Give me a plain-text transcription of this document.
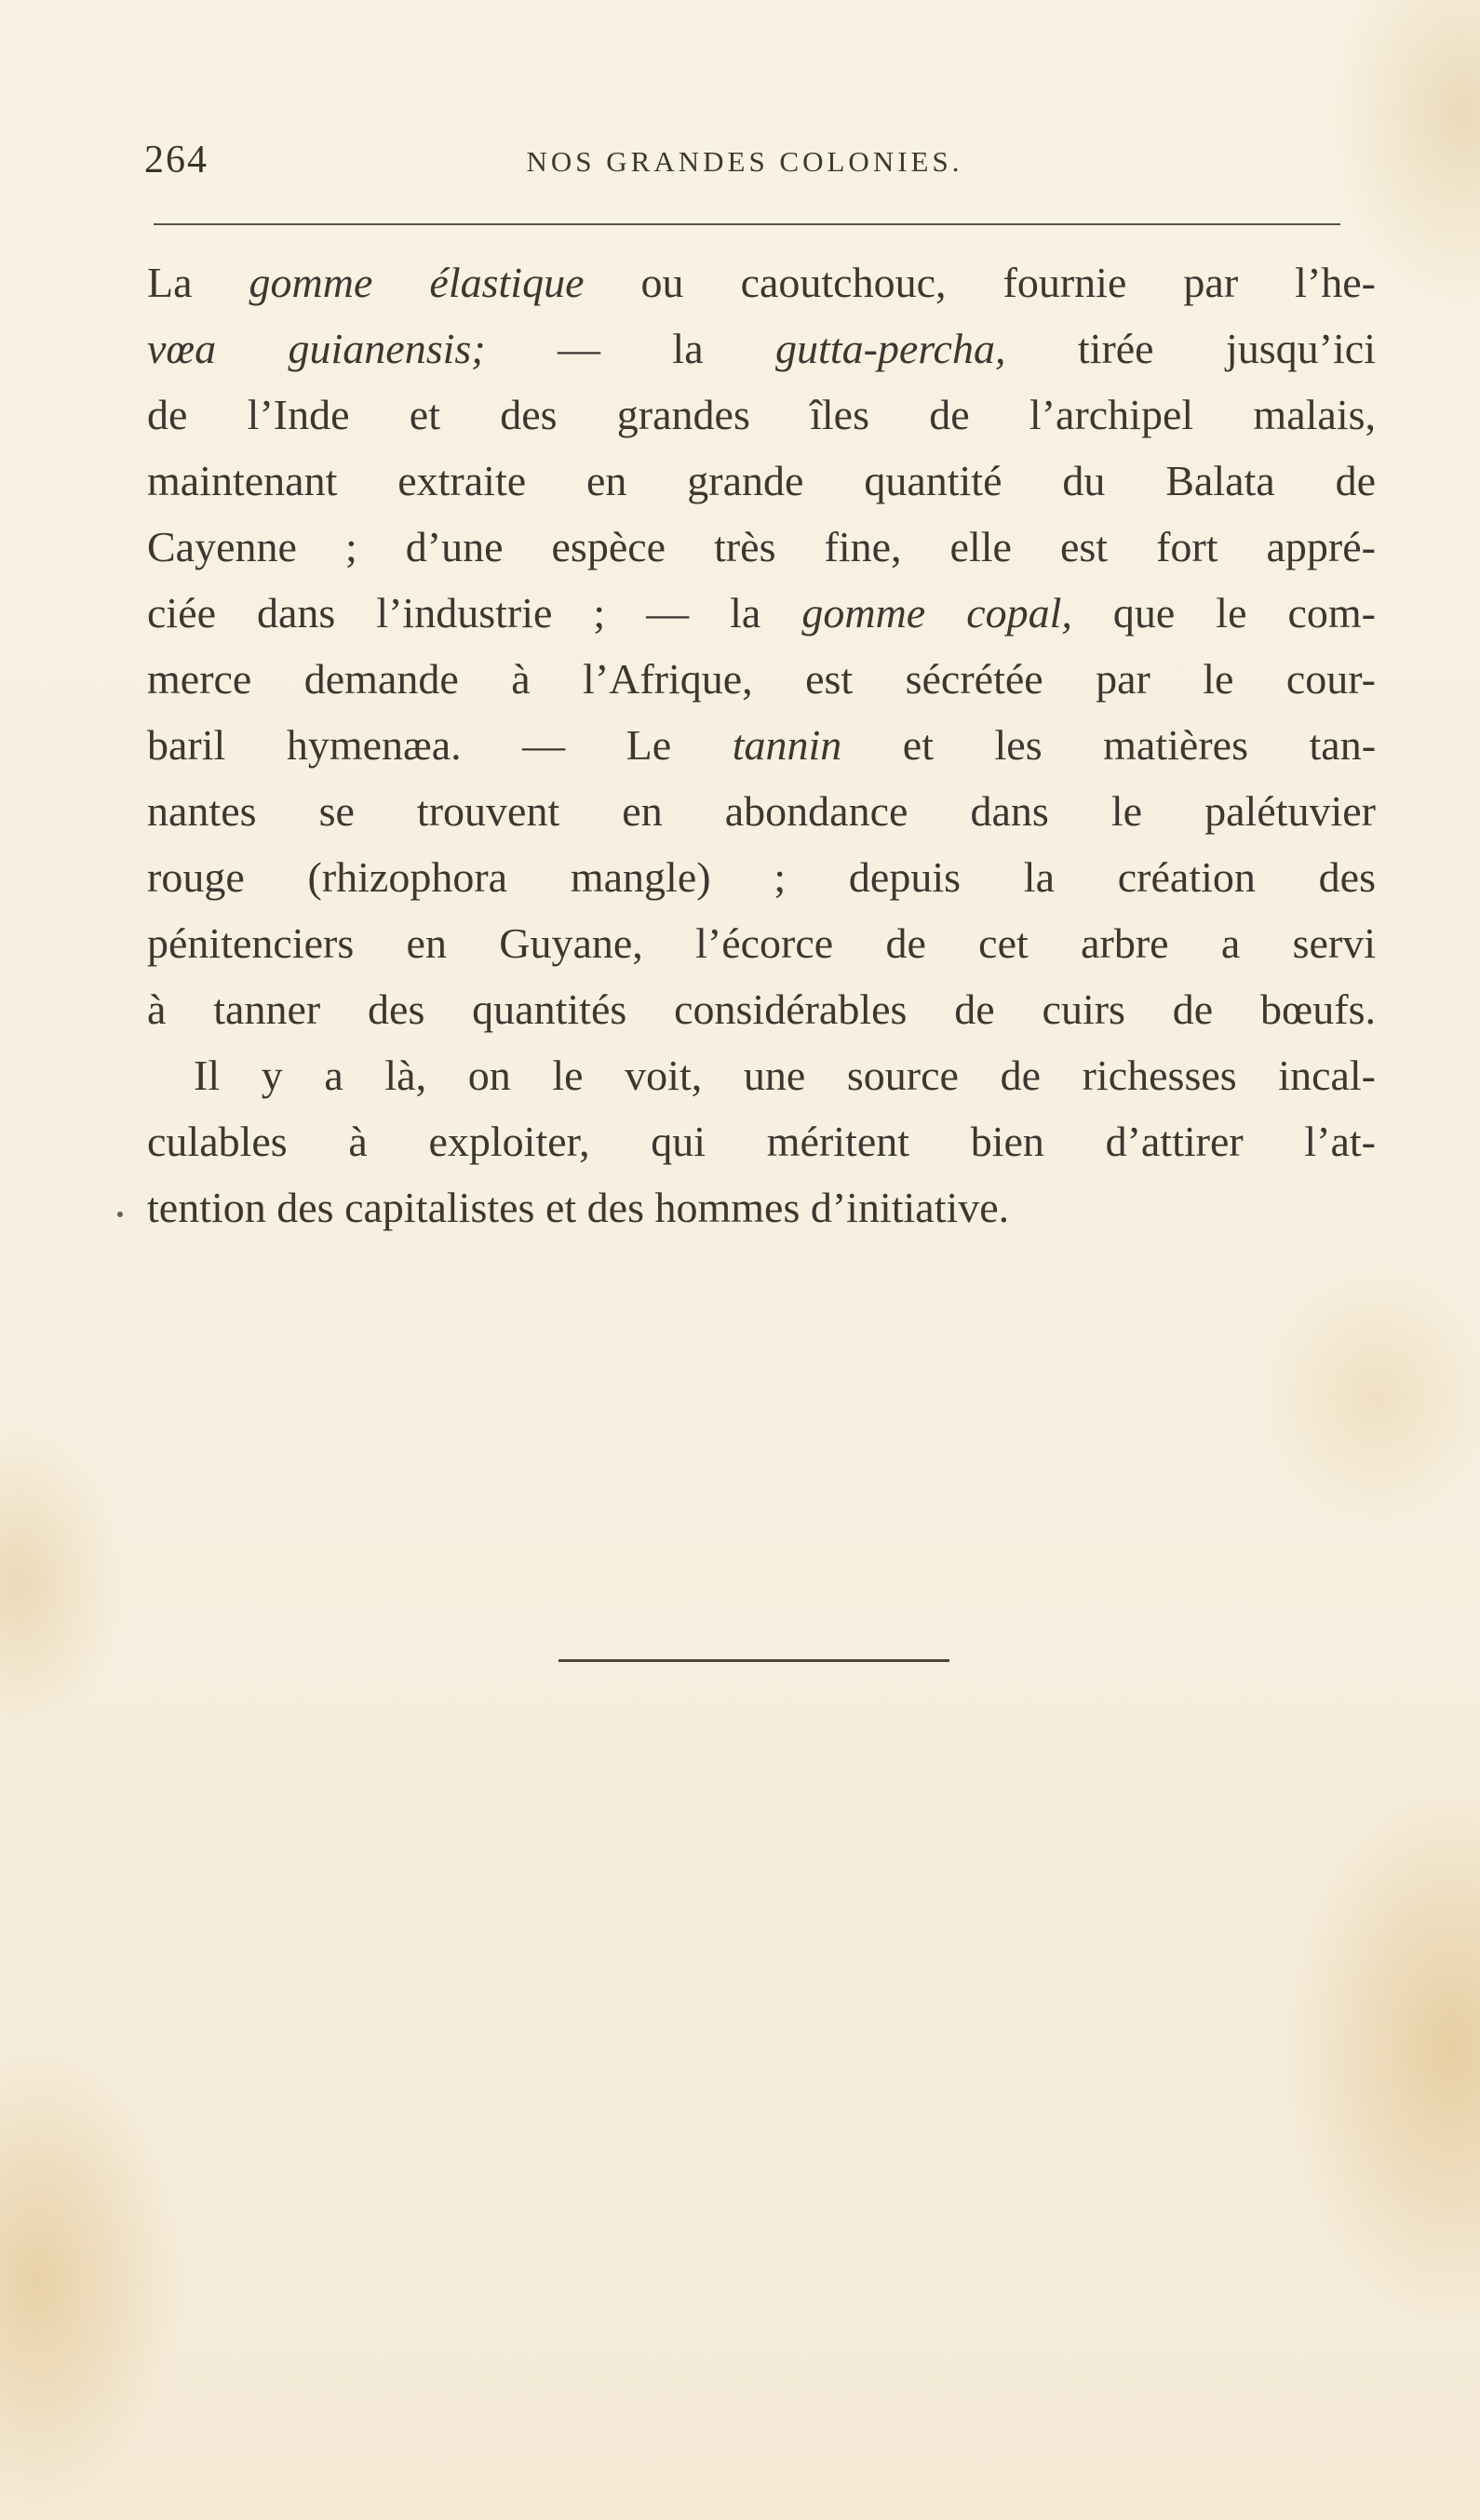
264	NOS GRANDES COLONIES.
La gomme élastique ou caoutchouc, fournie par l’he-
vœa guianensis; — la gutta-percha, tirée jusqu’ici
de l’Inde et des grandes îles de l’archipel malais,
maintenant extraite en grande quantité du Balata de
Cayenne ; d’une espèce très fine, elle est fort appré-
ciée dans l’industrie ; — la gomme copal, que le com-
merce demande à l’Afrique, est sécrétée par le cour-
baril hymenæa. — Le tannin et les matières tan-
nantes se trouvent en abondance dans le palétuvier
rouge (rhizophora mangle) ; depuis la création des
pénitenciers en Guyane, l’écorce de cet arbre a servi
à tanner des quantités considérables de cuirs de bœufs.
Il y a là, on le voit, une source de richesses incal-
culables à exploiter, qui méritent bien d’attirer l’at-
tention des capitalistes et des hommes d’initiative.
